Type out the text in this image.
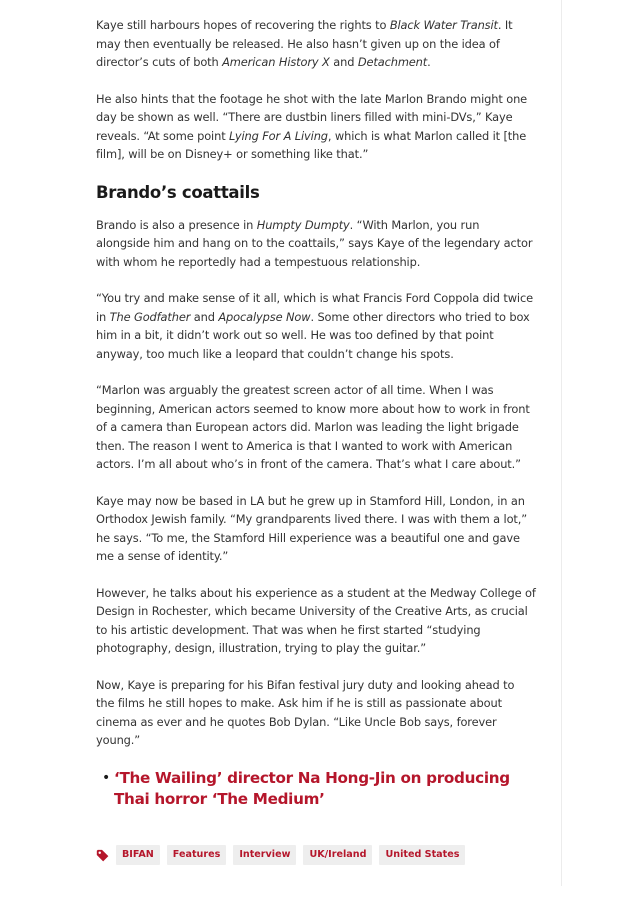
Kaye still harbours hopes of recovering the rights to Black Water Transit. It may then eventually be released. He also hasn’t given up on the idea of director’s cuts of both American History X and Detachment.

He also hints that the footage he shot with the late Marlon Brando might one day be shown as well. “There are dustbin liners filled with mini-DVs,” Kaye reveals. “At some point Lying For A Living, which is what Marlon called it [the film], will be on Disney+ or something like that.”

Brando’s coattails

Brando is also a presence in Humpty Dumpty. “With Marlon, you run alongside him and hang on to the coattails,” says Kaye of the legendary actor with whom he reportedly had a tempestuous relationship.

“You try and make sense of it all, which is what Francis Ford Coppola did twice in The Godfather and Apocalypse Now. Some other directors who tried to box him in a bit, it didn’t work out so well. He was too defined by that point anyway, too much like a leopard that couldn’t change his spots.

“Marlon was arguably the greatest screen actor of all time. When I was beginning, American actors seemed to know more about how to work in front of a camera than European actors did. Marlon was leading the light brigade then. The reason I went to America is that I wanted to work with American actors. I’m all about who’s in front of the camera. That’s what I care about.”

Kaye may now be based in LA but he grew up in Stamford Hill, London, in an Orthodox Jewish family. “My grandparents lived there. I was with them a lot,” he says. “To me, the Stamford Hill experience was a beautiful one and gave me a sense of identity.”

However, he talks about his experience as a student at the Medway College of Design in Rochester, which became University of the Creative Arts, as crucial to his artistic development. That was when he first started “studying photography, design, illustration, trying to play the guitar.”

Now, Kaye is preparing for his Bifan festival jury duty and looking ahead to the films he still hopes to make. Ask him if he is still as passionate about cinema as ever and he quotes Bob Dylan. “Like Uncle Bob says, forever young.”

• ‘The Wailing’ director Na Hong-Jin on producing Thai horror ‘The Medium’
BIFAN	Features	Interview	UK/Ireland	United States
